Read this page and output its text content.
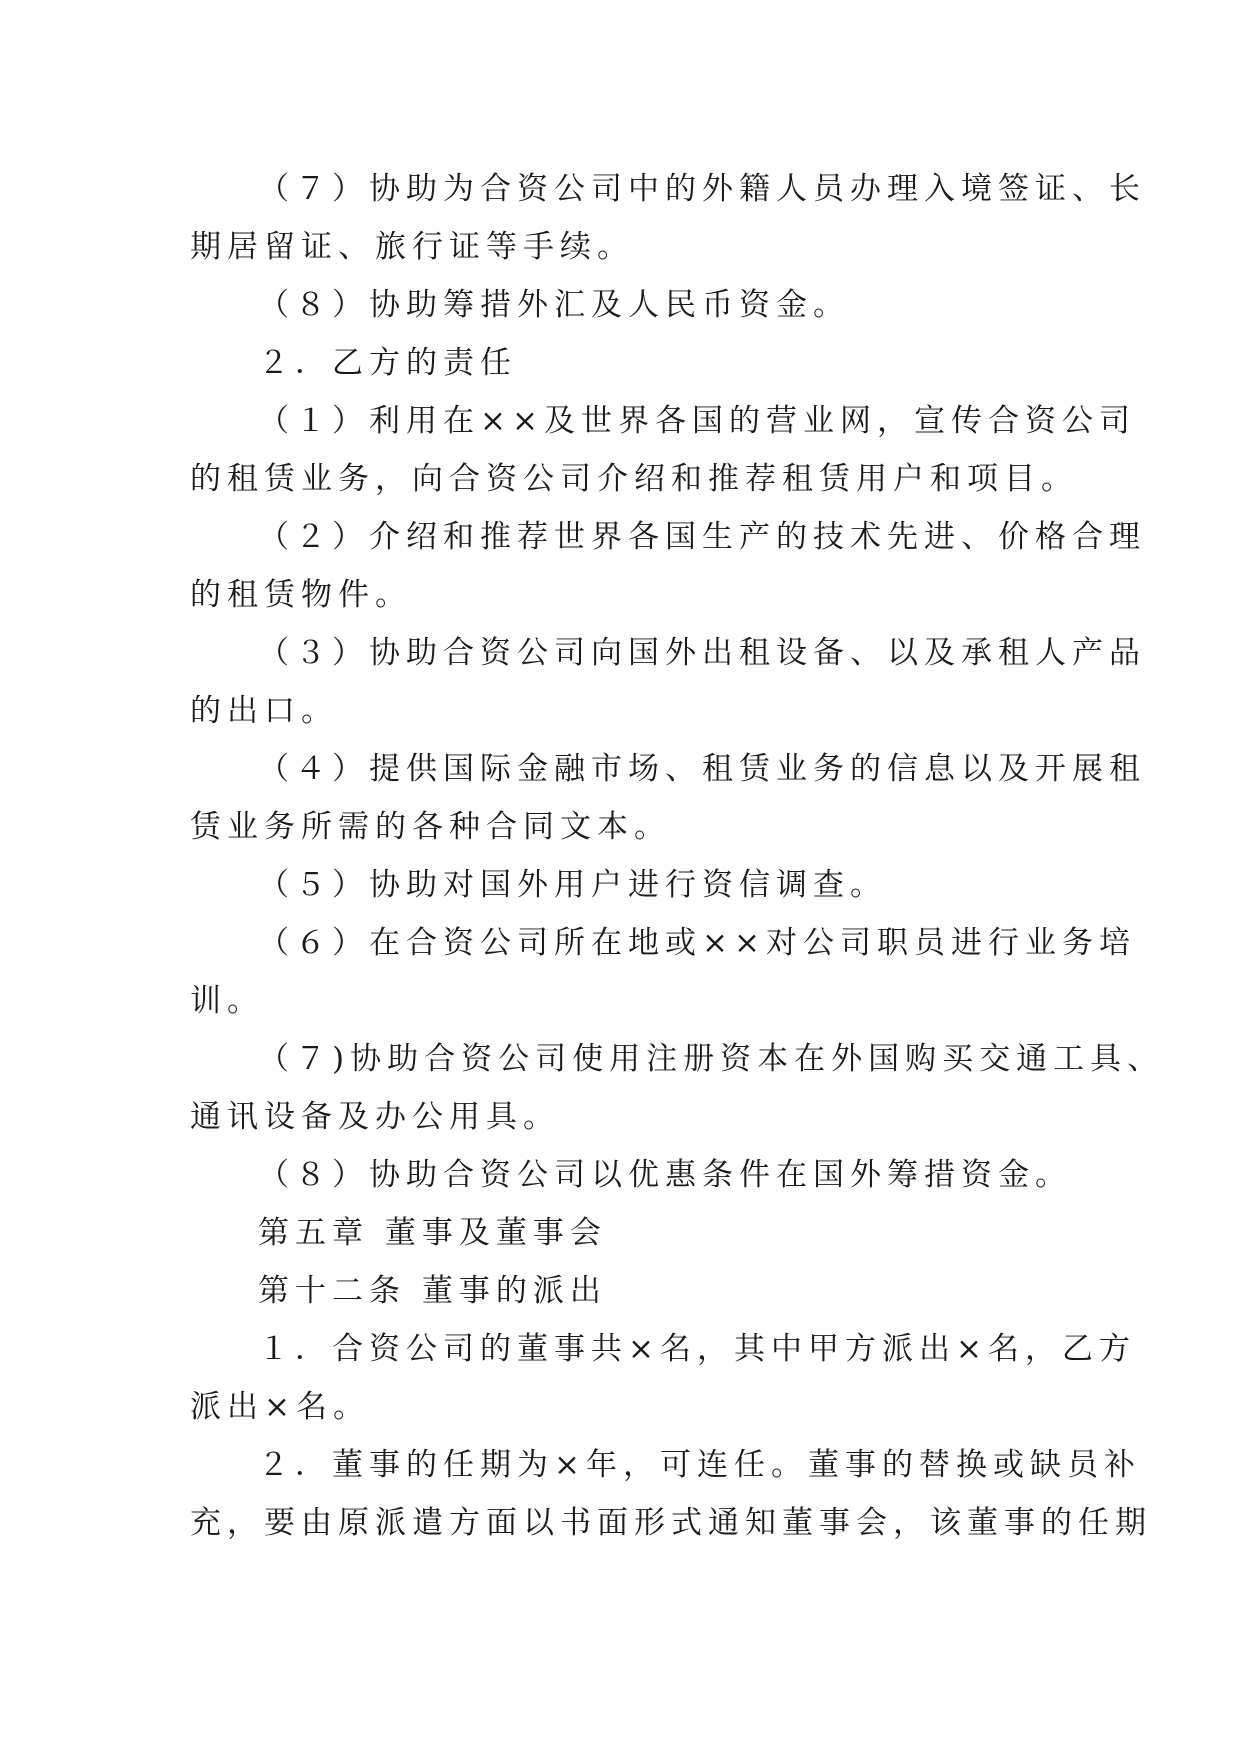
（７）协助为合资公司中的外籍人员办理入境签证、长
期居留证、旅行证等手续。
（８）协助筹措外汇及人民币资金。
２．乙方的责任
（１）利用在××及世界各国的营业网，宣传合资公司
的租赁业务，向合资公司介绍和推荐租赁用户和项目。
（２）介绍和推荐世界各国生产的技术先进、价格合理
的租赁物件。
（３）协助合资公司向国外出租设备、以及承租人产品
的出口。
（４）提供国际金融市场、租赁业务的信息以及开展租
赁业务所需的各种合同文本。
（５）协助对国外用户进行资信调查。
（６）在合资公司所在地或××对公司职员进行业务培
训。
（７)协助合资公司使用注册资本在外国购买交通工具、
通讯设备及办公用具。
（８）协助合资公司以优惠条件在国外筹措资金。
第五章 董事及董事会
第十二条 董事的派出
１．合资公司的董事共×名，其中甲方派出×名，乙方
派出×名。
２．董事的任期为×年，可连任。董事的替换或缺员补
充，要由原派遣方面以书面形式通知董事会，该董事的任期
